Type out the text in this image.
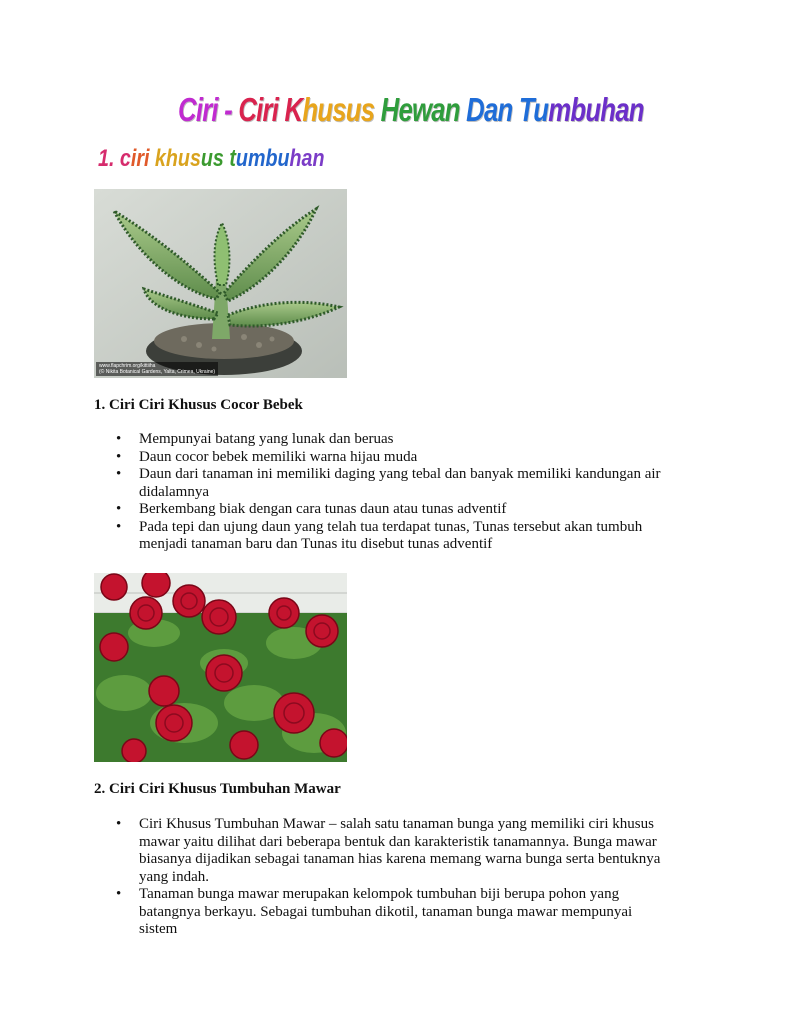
Ciri - Ciri Khusus Hewan Dan Tumbuhan
1. ciri khusus tumbuhan
www.flapchrim.org/kittiiha
(© Nikita Botanical Gardens, Yalta, Crimea, Ukraine)
1. Ciri Ciri Khusus Cocor Bebek
• Mempunyai batang yang lunak dan beruas
• Daun cocor bebek memiliki warna hijau muda
• Daun dari tanaman ini memiliki daging yang tebal dan banyak memiliki kandungan air didalamnya
• Berkembang biak dengan cara tunas daun atau tunas adventif
• Pada tepi dan ujung daun yang telah tua terdapat tunas, Tunas tersebut akan tumbuh menjadi tanaman baru dan Tunas itu disebut tunas adventif
2. Ciri Ciri Khusus Tumbuhan Mawar
• Ciri Khusus Tumbuhan Mawar – salah satu tanaman bunga yang memiliki ciri khusus mawar yaitu dilihat dari beberapa bentuk dan karakteristik tanamannya. Bunga mawar biasanya dijadikan sebagai tanaman hias karena memang warna bunga serta bentuknya yang indah.
• Tanaman bunga mawar merupakan kelompok tumbuhan biji berupa pohon yang batangnya berkayu. Sebagai tumbuhan dikotil, tanaman bunga mawar mempunyai sistem
